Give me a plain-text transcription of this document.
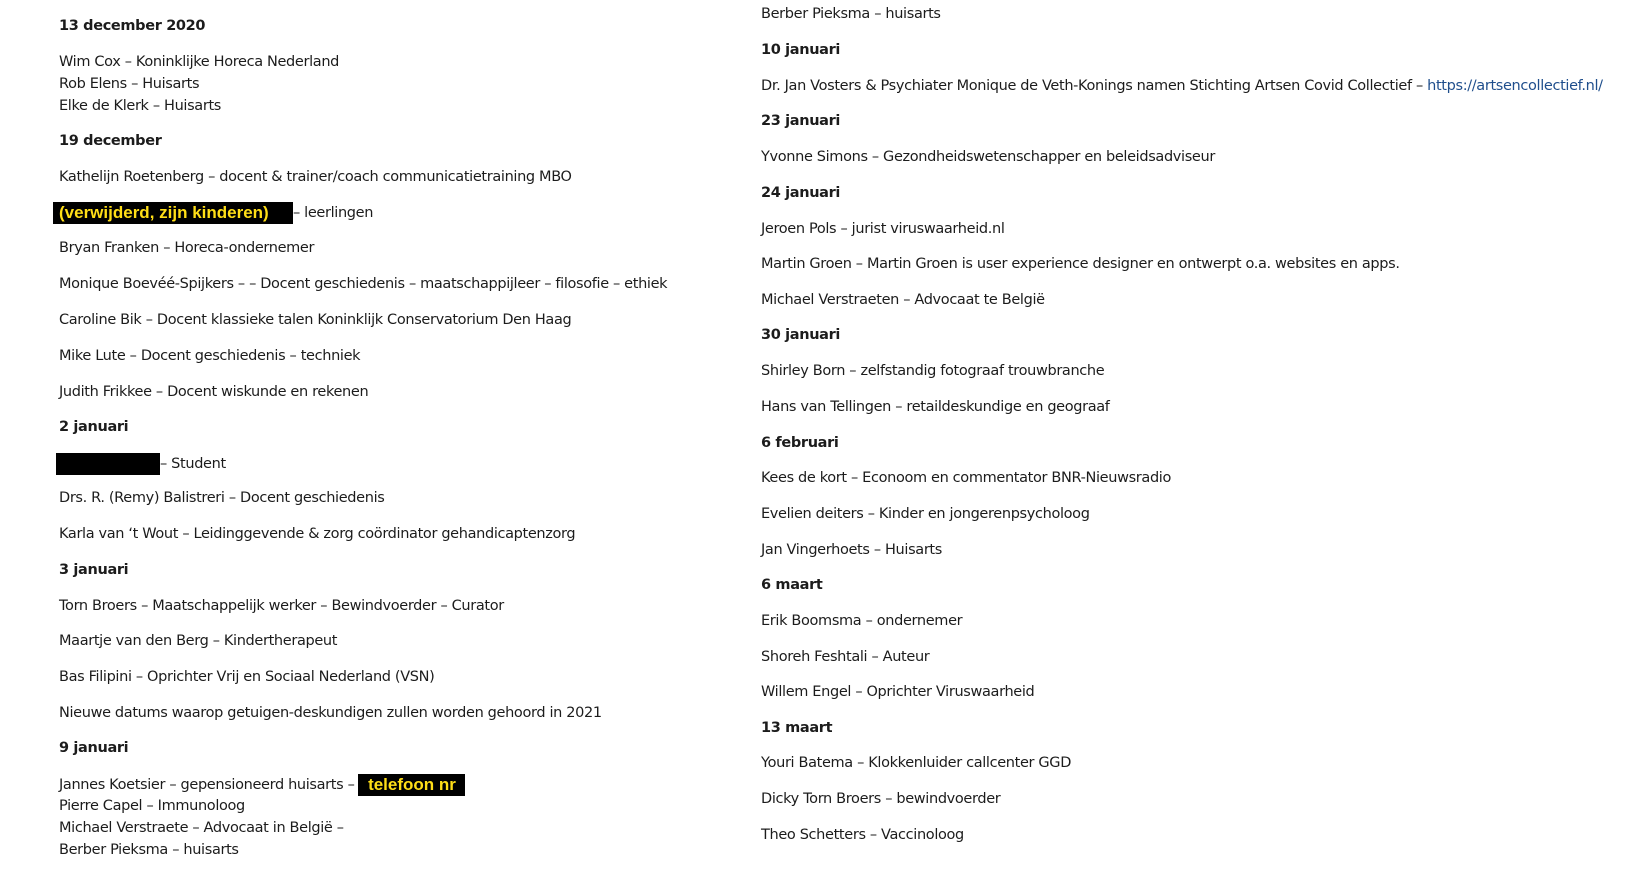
13 december 2020
Wim Cox – Koninklijke Horeca Nederland
Rob Elens – Huisarts
Elke de Klerk – Huisarts
19 december
Kathelijn Roetenberg – docent & trainer/coach communicatietraining MBO
(verwijderd, zijn kinderen) – leerlingen
Bryan Franken – Horeca-ondernemer
Monique Boevéé-Spijkers – – Docent geschiedenis – maatschappijleer – filosofie – ethiek
Caroline Bik – Docent klassieke talen Koninklijk Conservatorium Den Haag
Mike Lute – Docent geschiedenis – techniek
Judith Frikkee – Docent wiskunde en rekenen
2 januari
– Student
Drs. R. (Remy) Balistreri – Docent geschiedenis
Karla van ‘t Wout – Leidinggevende & zorg coördinator gehandicaptenzorg
3 januari
Torn Broers – Maatschappelijk werker – Bewindvoerder – Curator
Maartje van den Berg – Kindertherapeut
Bas Filipini – Oprichter Vrij en Sociaal Nederland (VSN)
Nieuwe datums waarop getuigen-deskundigen zullen worden gehoord in 2021
9 januari
Jannes Koetsier – gepensioneerd huisarts – telefoon nr
Pierre Capel – Immunoloog
Michael Verstraete – Advocaat in België –
Berber Pieksma – huisarts
Berber Pieksma – huisarts
10 januari
Dr. Jan Vosters & Psychiater Monique de Veth-Konings namen Stichting Artsen Covid Collectief – https://artsencollectief.nl/
23 januari
Yvonne Simons – Gezondheidswetenschapper en beleidsadviseur
24 januari
Jeroen Pols – jurist viruswaarheid.nl
Martin Groen – Martin Groen is user experience designer en ontwerpt o.a. websites en apps.
Michael Verstraeten – Advocaat te België
30 januari
Shirley Born – zelfstandig fotograaf trouwbranche
Hans van Tellingen – retaildeskundige en geograaf
6 februari
Kees de kort – Econoom en commentator BNR-Nieuwsradio
Evelien deiters – Kinder en jongerenpsycholoog
Jan Vingerhoets – Huisarts
6 maart
Erik Boomsma – ondernemer
Shoreh Feshtali – Auteur
Willem Engel – Oprichter Viruswaarheid
13 maart
Youri Batema – Klokkenluider callcenter GGD
Dicky Torn Broers – bewindvoerder
Theo Schetters – Vaccinoloog
